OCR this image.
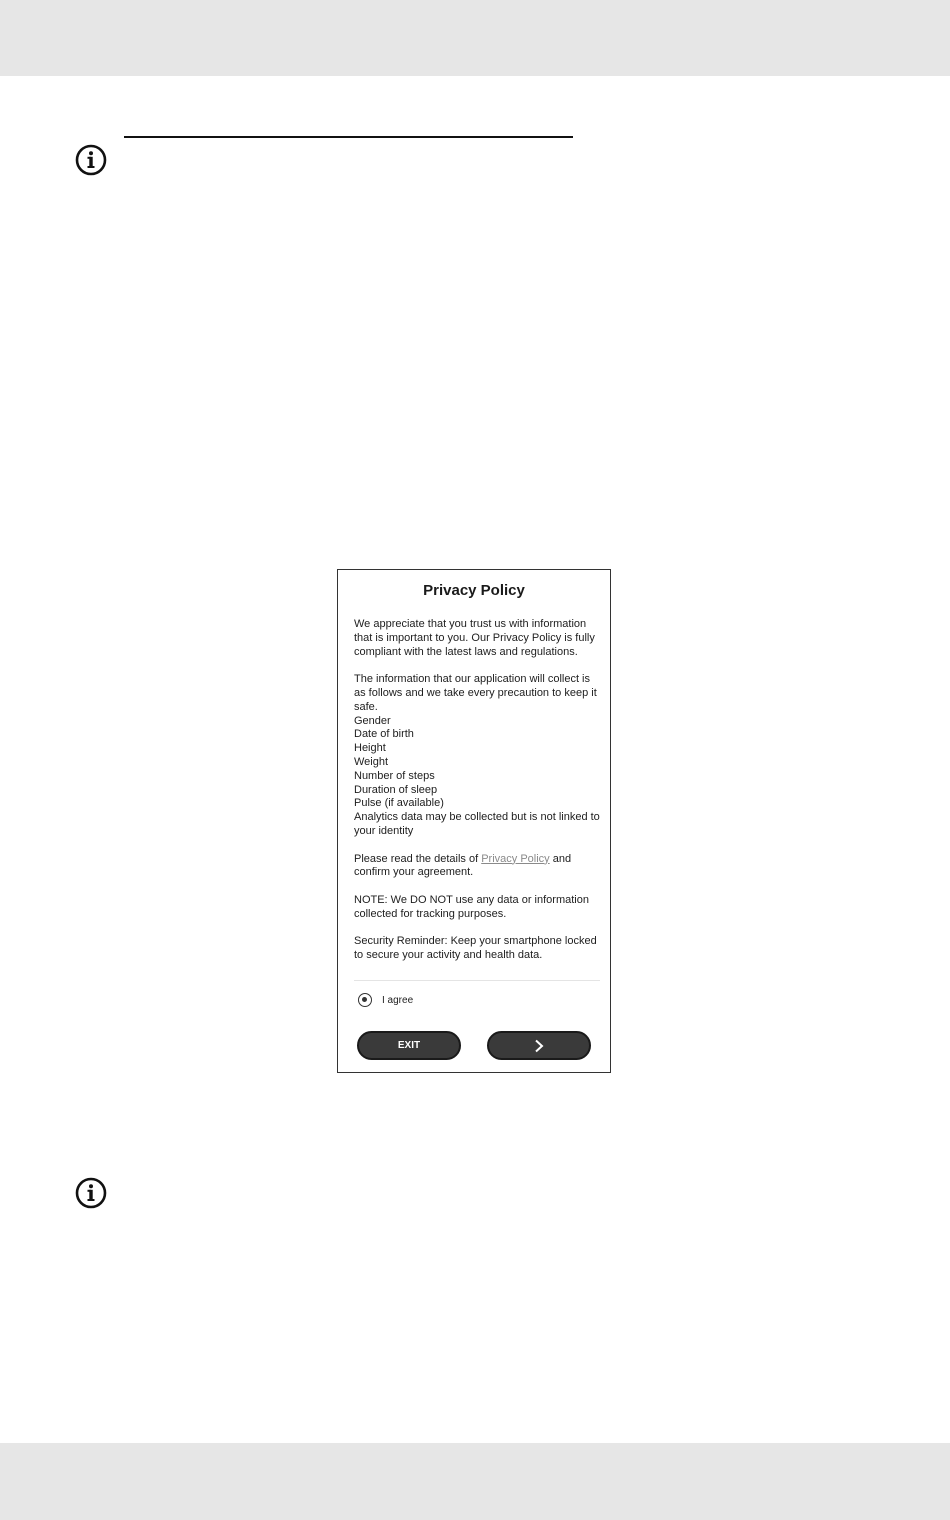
Privacy Policy

We appreciate that you trust us with information that is important to you. Our Privacy Policy is fully compliant with the latest laws and regulations.

The information that our application will collect is as follows and we take every precaution to keep it safe.

Gender
Date of birth
Height
Weight
Number of steps
Duration of sleep
Pulse (if available)
Analytics data may be collected but is not linked to your identity

Please read the details of Privacy Policy and confirm your agreement.

NOTE: We DO NOT use any data or information collected for tracking purposes.

Security Reminder: Keep your smartphone locked to secure your activity and health data.

I agree
EXIT
